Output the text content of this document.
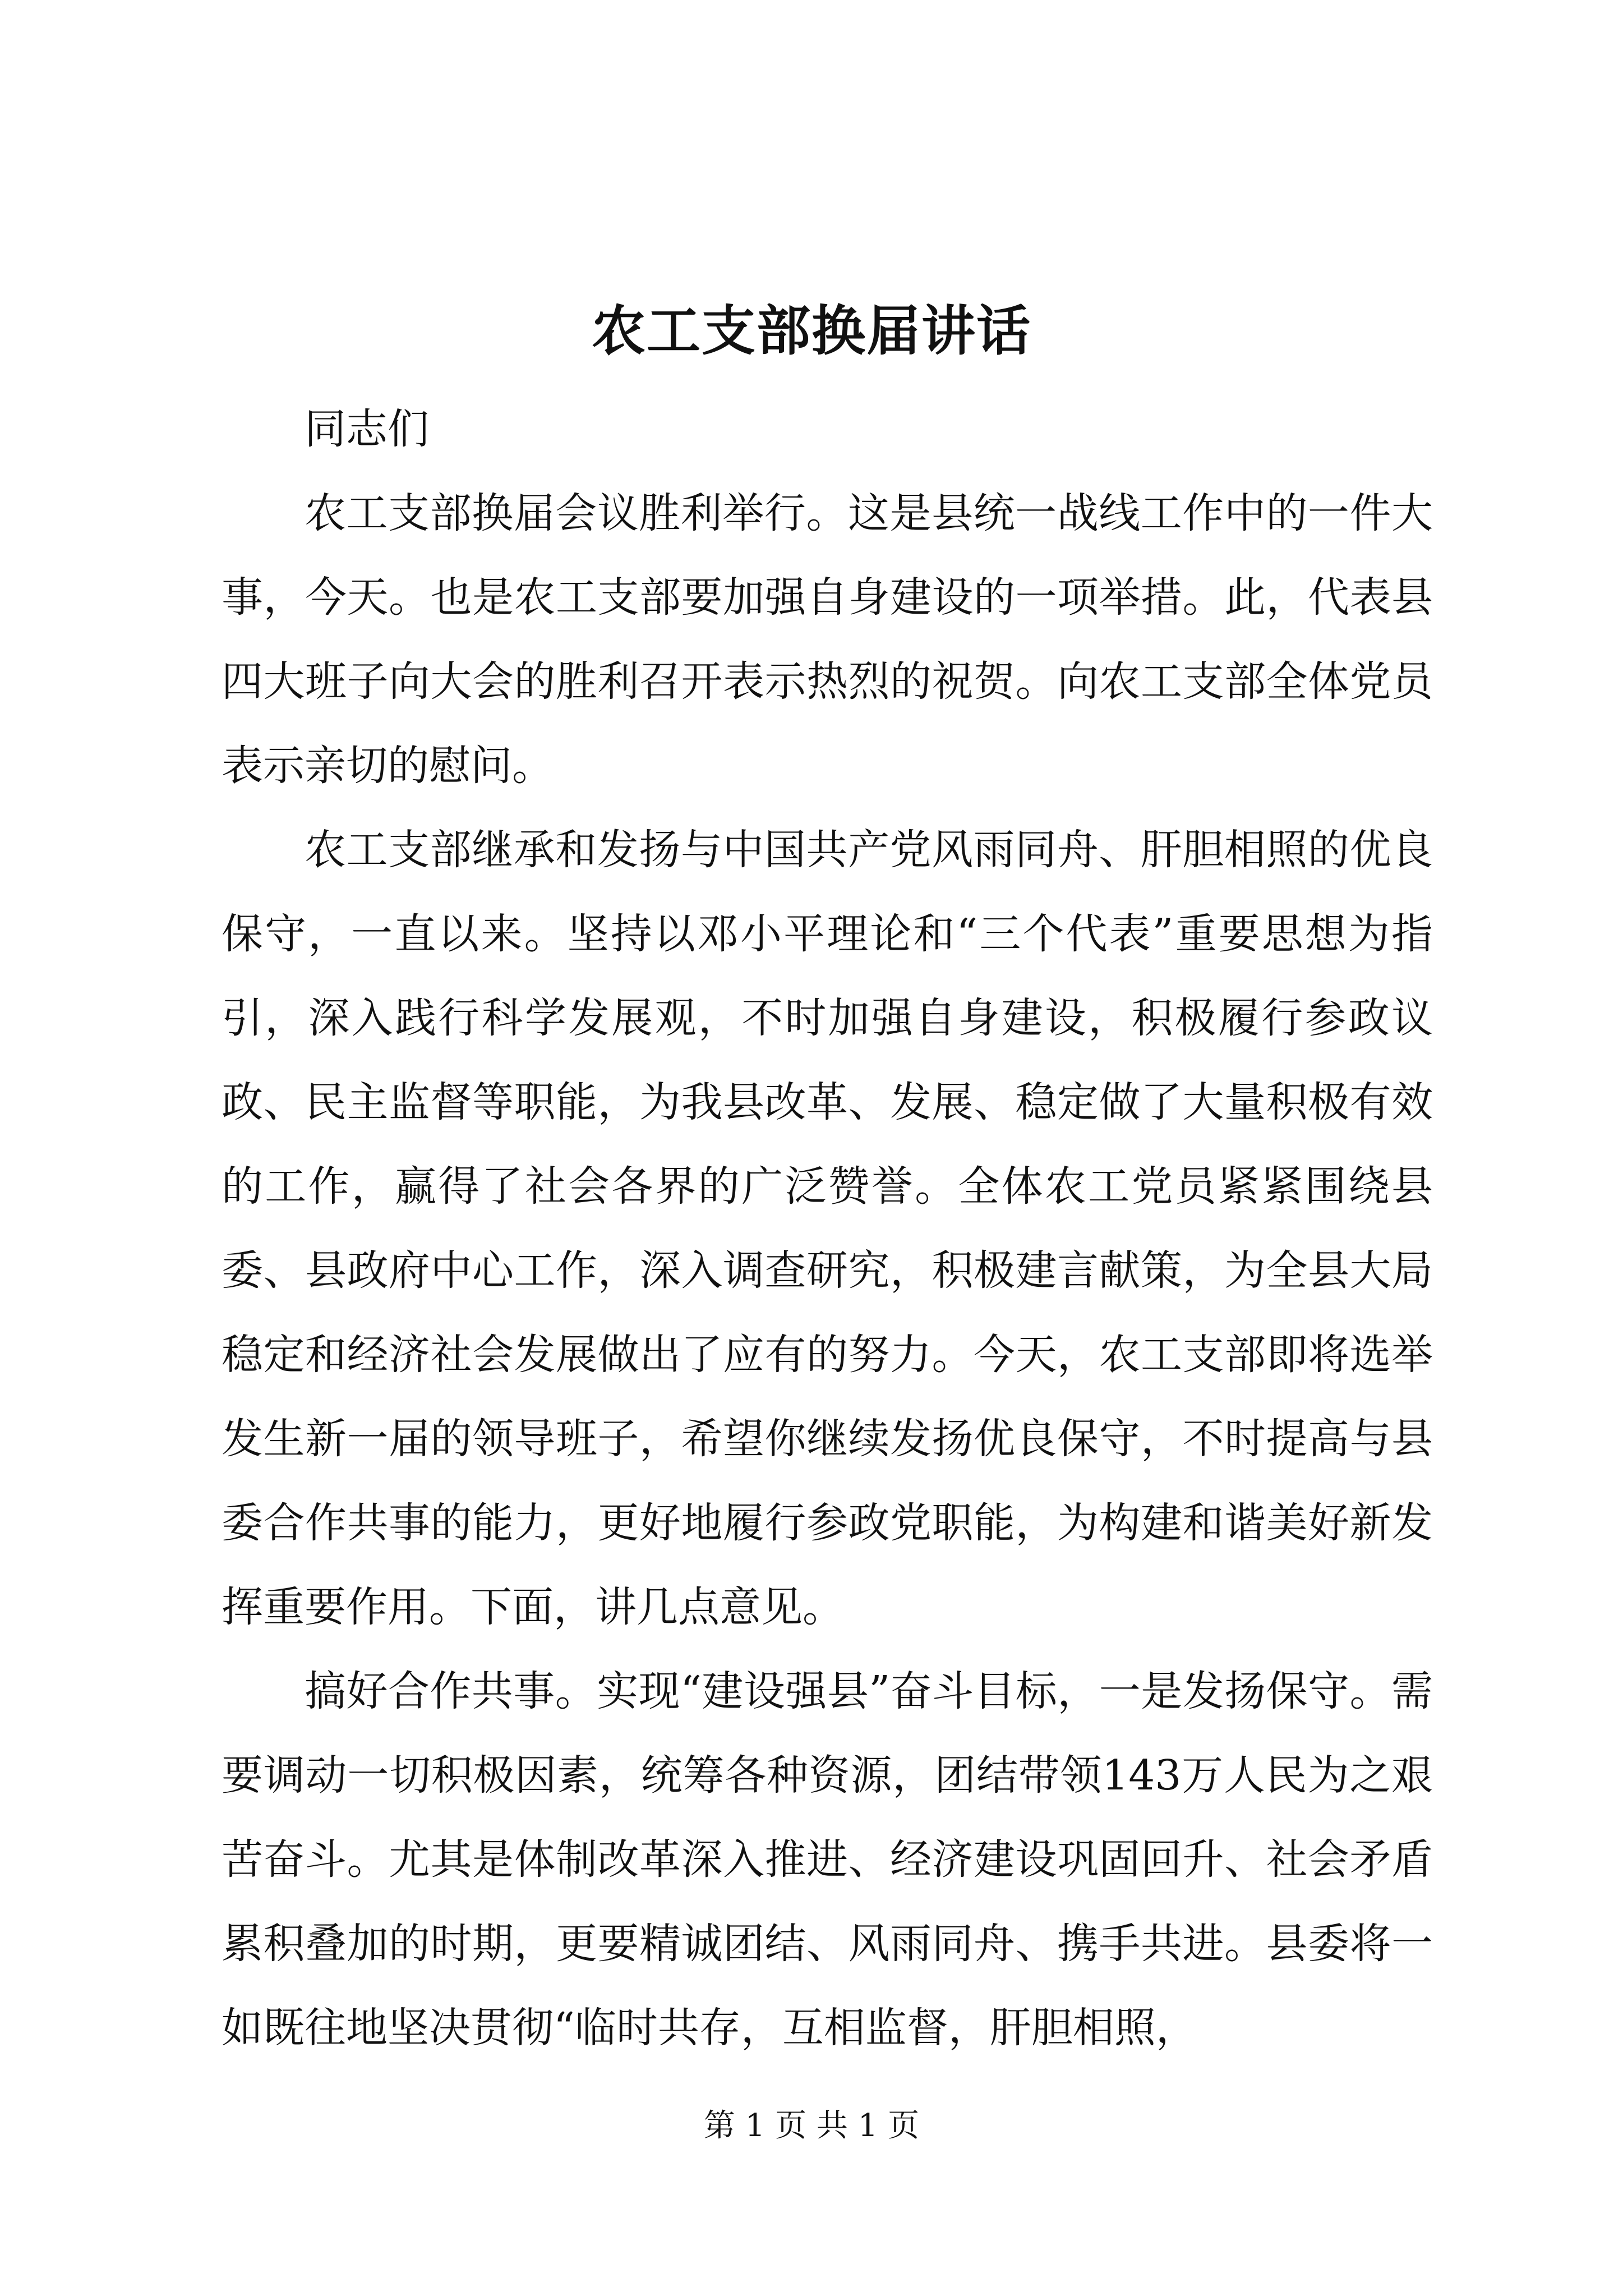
农工支部换届讲话

同志们

农工支部换届会议胜利举行。这是县统一战线工作中的一件大事，今天。也是农工支部要加强自身建设的一项举措。此，代表县四大班子向大会的胜利召开表示热烈的祝贺。向农工支部全体党员表示亲切的慰问。

农工支部继承和发扬与中国共产党风雨同舟、肝胆相照的优良保守，一直以来。坚持以邓小平理论和“三个代表”重要思想为指引，深入践行科学发展观，不时加强自身建设，积极履行参政议政、民主监督等职能，为我县改革、发展、稳定做了大量积极有效的工作，赢得了社会各界的广泛赞誉。全体农工党员紧紧围绕县委、县政府中心工作，深入调查研究，积极建言献策，为全县大局稳定和经济社会发展做出了应有的努力。今天，农工支部即将选举发生新一届的领导班子，希望你继续发扬优良保守，不时提高与县委合作共事的能力，更好地履行参政党职能，为构建和谐美好新发挥重要作用。下面，讲几点意见。

搞好合作共事。实现“建设强县”奋斗目标，一是发扬保守。需要调动一切积极因素，统筹各种资源，团结带领143万人民为之艰苦奋斗。尤其是体制改革深入推进、经济建设巩固回升、社会矛盾累积叠加的时期，更要精诚团结、风雨同舟、携手共进。县委将一如既往地坚决贯彻“临时共存，互相监督，肝胆相照，

第 1 页 共 1 页
